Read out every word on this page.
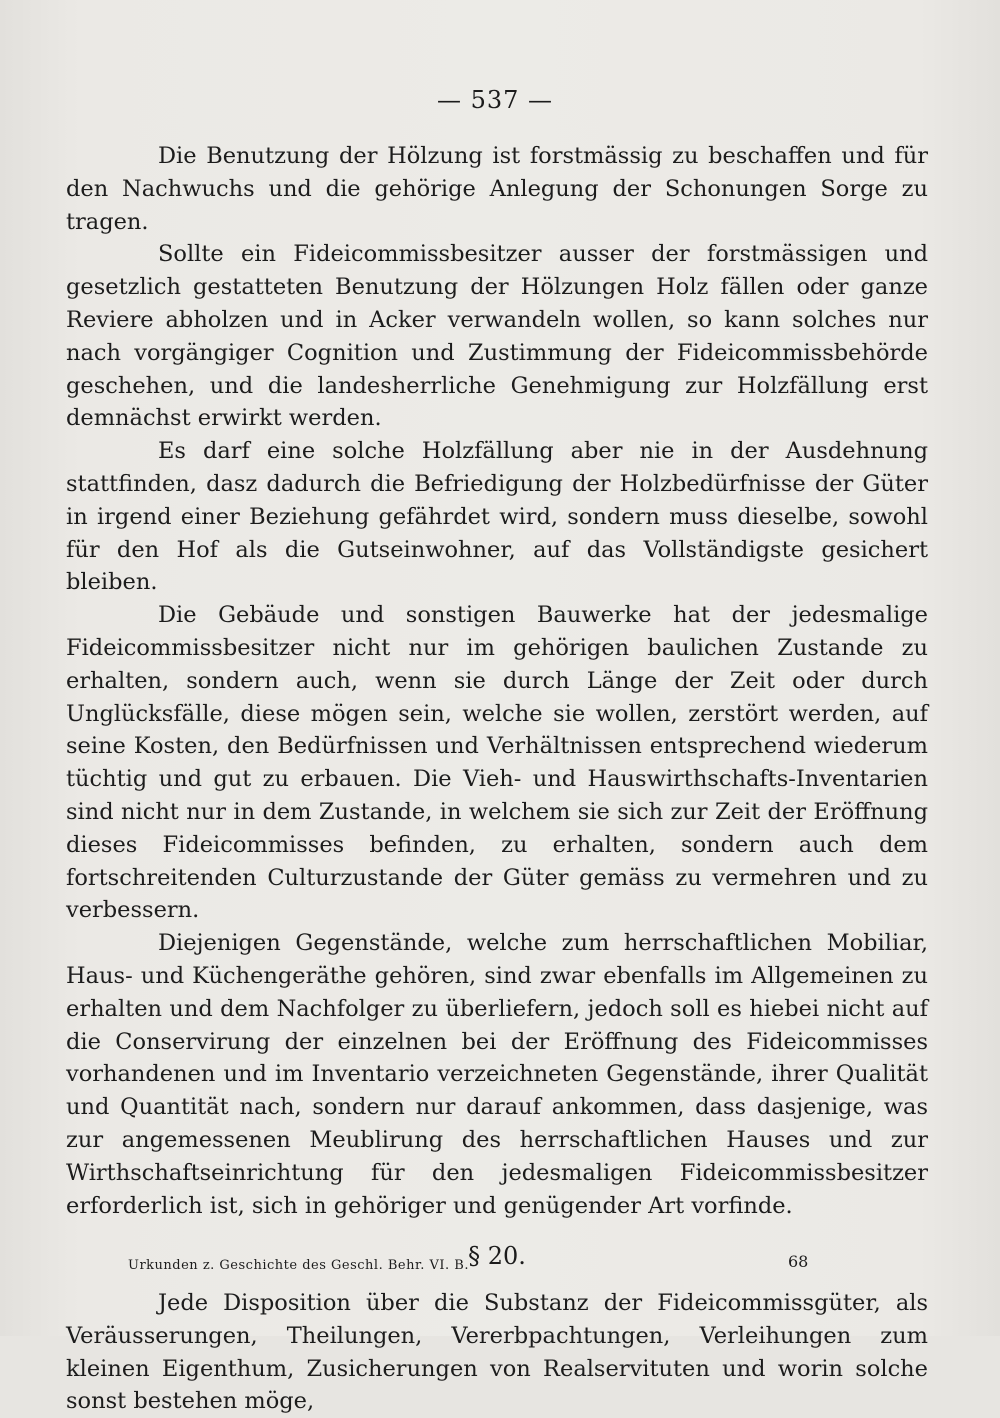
— 537 —

Die Benutzung der Hölzung ist forstmässig zu beschaffen und für den Nachwuchs und die gehörige Anlegung der Schonungen Sorge zu tragen.

Sollte ein Fideicommissbesitzer ausser der forstmässigen und gesetzlich gestatteten Benutzung der Hölzungen Holz fällen oder ganze Reviere abholzen und in Acker verwandeln wollen, so kann solches nur nach vorgängiger Cognition und Zustimmung der Fideicommissbehörde geschehen, und die landesherrliche Genehmigung zur Holzfällung erst demnächst erwirkt werden.

Es darf eine solche Holzfällung aber nie in der Ausdehnung stattfinden, dasz dadurch die Befriedigung der Holzbedürfnisse der Güter in irgend einer Beziehung gefährdet wird, sondern muss dieselbe, sowohl für den Hof als die Gutseinwohner, auf das Vollständigste gesichert bleiben.

Die Gebäude und sonstigen Bauwerke hat der jedesmalige Fideicommissbesitzer nicht nur im gehörigen baulichen Zustande zu erhalten, sondern auch, wenn sie durch Länge der Zeit oder durch Unglücksfälle, diese mögen sein, welche sie wollen, zerstört werden, auf seine Kosten, den Bedürfnissen und Verhältnissen entsprechend wiederum tüchtig und gut zu erbauen. Die Vieh- und Hauswirthschafts-Inventarien sind nicht nur in dem Zustande, in welchem sie sich zur Zeit der Eröffnung dieses Fideicommisses befinden, zu erhalten, sondern auch dem fortschreitenden Culturzustande der Güter gemäss zu vermehren und zu verbessern.

Diejenigen Gegenstände, welche zum herrschaftlichen Mobiliar, Haus- und Küchengeräthe gehören, sind zwar ebenfalls im Allgemeinen zu erhalten und dem Nachfolger zu überliefern, jedoch soll es hiebei nicht auf die Conservirung der einzelnen bei der Eröffnung des Fideicommisses vorhandenen und im Inventario verzeichneten Gegenstände, ihrer Qualität und Quantität nach, sondern nur darauf ankommen, dass dasjenige, was zur angemessenen Meublirung des herrschaftlichen Hauses und zur Wirthschaftseinrichtung für den jedesmaligen Fideicommissbesitzer erforderlich ist, sich in gehöriger und genügender Art vorfinde.

§ 20.

Jede Disposition über die Substanz der Fideicommissgüter, als Veräusserungen, Theilungen, Vererbpachtungen, Verleihungen zum kleinen Eigenthum, Zusicherungen von Realservituten und worin solche sonst bestehen möge,

Urkunden z. Geschichte des Geschl. Behr. VI. B.	68
